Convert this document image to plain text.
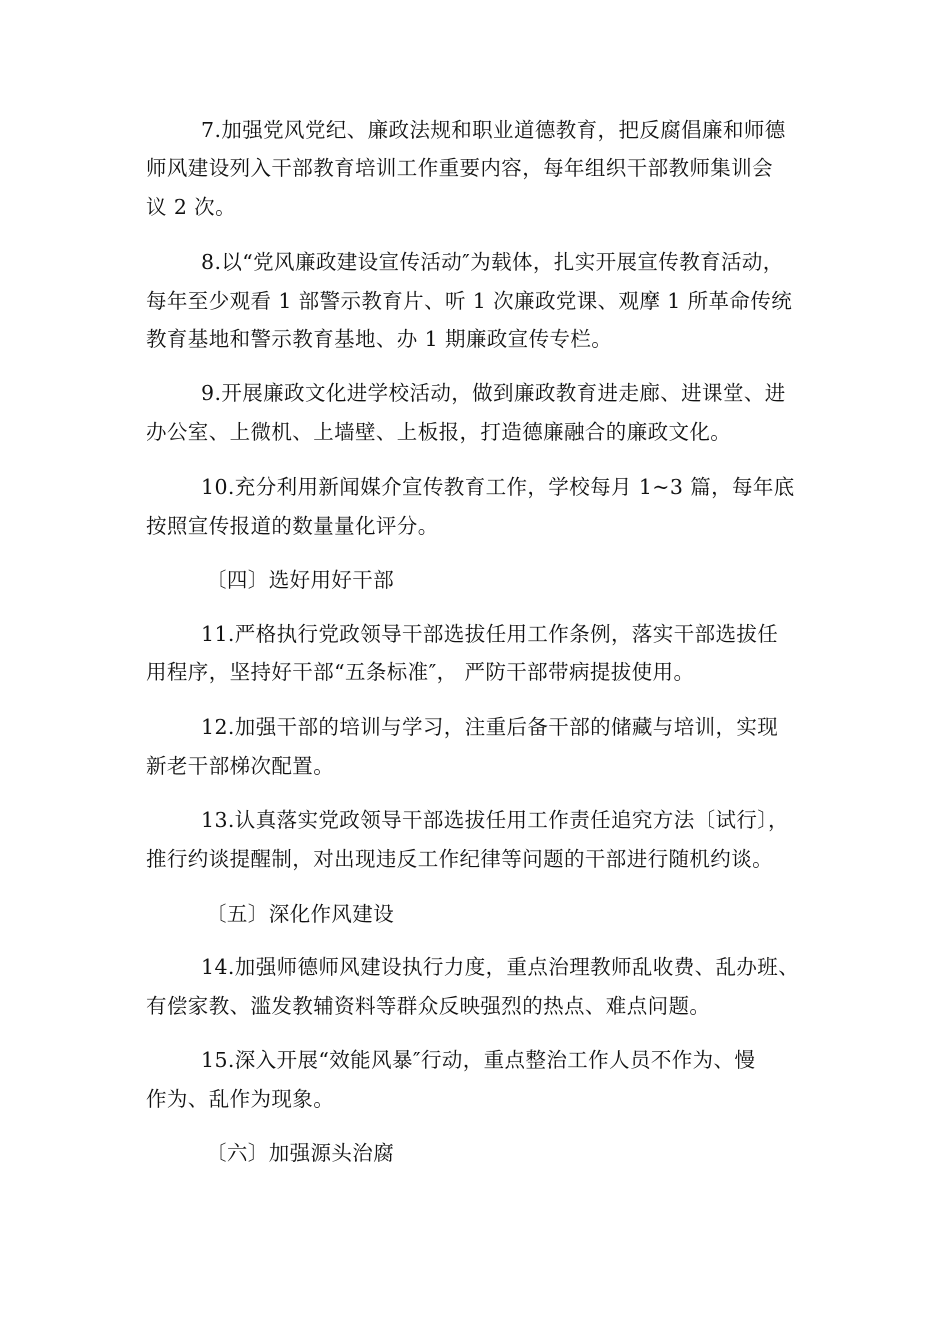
7.加强党风党纪、廉政法规和职业道德教育，把反腐倡廉和师德
师风建设列入干部教育培训工作重要内容，每年组织干部教师集训会
议 2 次。
8.以“党风廉政建设宣传活动″为载体，扎实开展宣传教育活动，
每年至少观看 1 部警示教育片、听 1 次廉政党课、观摩 1 所革命传统
教育基地和警示教育基地、办 1 期廉政宣传专栏。
9.开展廉政文化进学校活动，做到廉政教育进走廊、进课堂、进
办公室、上微机、上墙壁、上板报，打造德廉融合的廉政文化。
10.充分利用新闻媒介宣传教育工作，学校每月 1~3 篇，每年底
按照宣传报道的数量量化评分。
〔四〕选好用好干部
11.严格执行党政领导干部选拔任用工作条例，落实干部选拔任
用程序，坚持好干部“五条标准″， 严防干部带病提拔使用。
12.加强干部的培训与学习，注重后备干部的储藏与培训，实现
新老干部梯次配置。
13.认真落实党政领导干部选拔任用工作责任追究方法〔试行〕，
推行约谈提醒制，对出现违反工作纪律等问题的干部进行随机约谈。
〔五〕深化作风建设
14.加强师德师风建设执行力度，重点治理教师乱收费、乱办班、
有偿家教、滥发教辅资料等群众反映强烈的热点、难点问题。
15.深入开展“效能风暴″行动，重点整治工作人员不作为、慢
作为、乱作为现象。
〔六〕加强源头治腐
